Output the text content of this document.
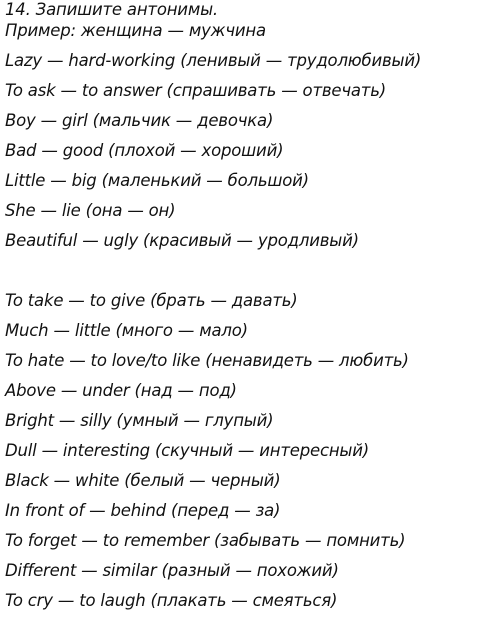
14. Запишите антонимы.
Пример: женщина — мужчина
Lazy — hard-working (ленивый — трудолюбивый)
To ask — to answer (спрашивать — отвечать)
Boy — girl (мальчик — девочка)
Bad — good (плохой — хороший)
Little — big (маленький — большой)
She — lie (она — он)
Beautiful — ugly (красивый — уродливый)
To take — to give (брать — давать)
Much — little (много — мало)
To hate — to love/to like (ненавидеть — любить)
Above — under (над — под)
Bright — silly (умный — глупый)
Dull — interesting (скучный — интересный)
Black — white (белый — черный)
In front of — behind (перед — за)
To forget — to remember (забывать — помнить)
Different — similar (разный — похожий)
To cry — to laugh (плакать — смеяться)
